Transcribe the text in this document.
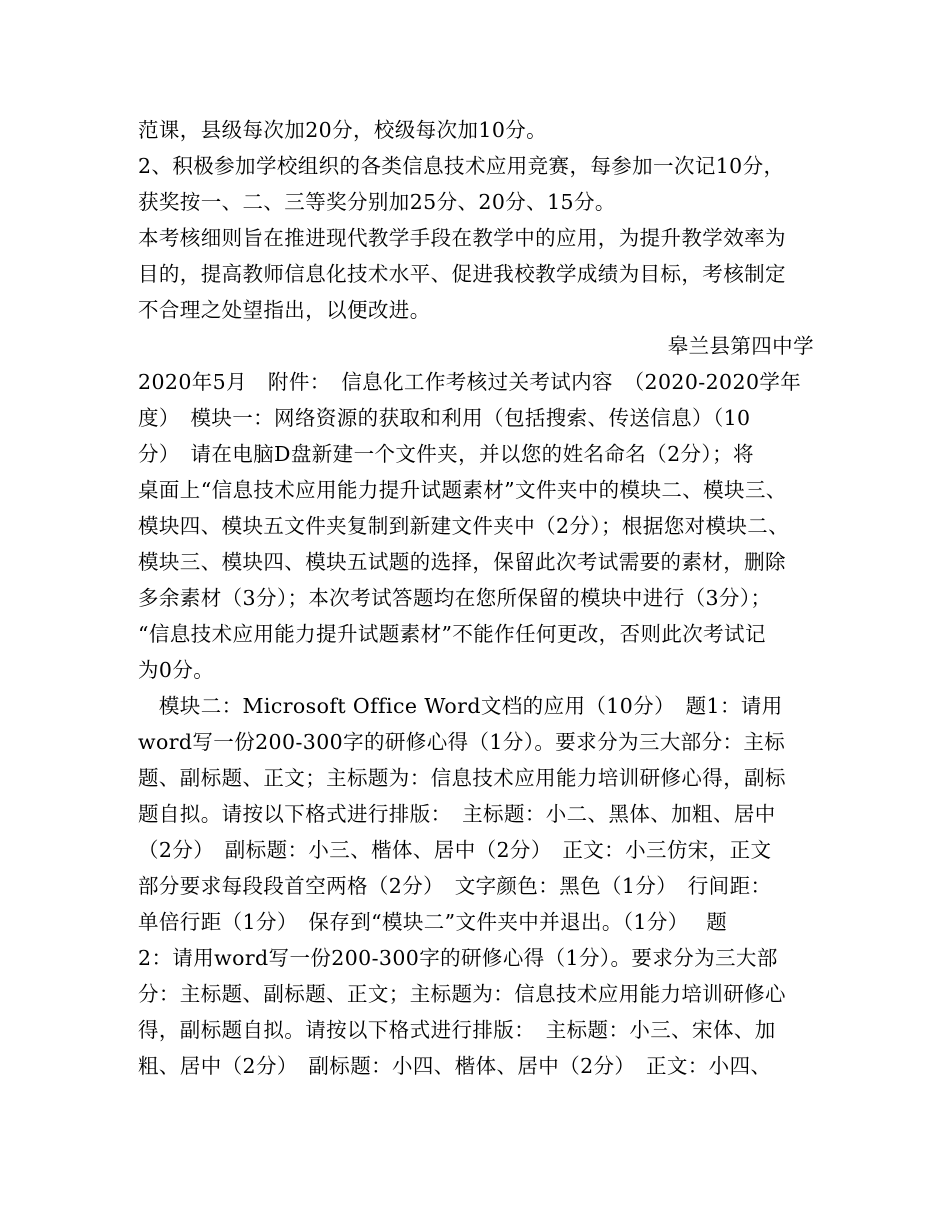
范课，县级每次加20分，校级每次加10分。
2、积极参加学校组织的各类信息技术应用竞赛，每参加一次记10分，
获奖按一、二、三等奖分别加25分、20分、15分。
本考核细则旨在推进现代教学手段在教学中的应用，为提升教学效率为
目的，提高教师信息化技术水平、促进我校教学成绩为目标，考核制定
不合理之处望指出，以便改进。
皋兰县第四中学
2020年5月　附件：　信息化工作考核过关考试内容　（2020-2020学年
度）　模块一：网络资源的获取和利用（包括搜索、传送信息）（10
分）　请在电脑D盘新建一个文件夹，并以您的姓名命名（2分）；将
桌面上“信息技术应用能力提升试题素材”文件夹中的模块二、模块三、
模块四、模块五文件夹复制到新建文件夹中（2分）；根据您对模块二、
模块三、模块四、模块五试题的选择，保留此次考试需要的素材，删除
多余素材（3分）；本次考试答题均在您所保留的模块中进行（3分）；
“信息技术应用能力提升试题素材”不能作任何更改，否则此次考试记
为0分。
　模块二：Microsoft Office Word文档的应用（10分）　题1：请用
word写一份200-300字的研修心得（1分）。要求分为三大部分：主标
题、副标题、正文；主标题为：信息技术应用能力培训研修心得，副标
题自拟。请按以下格式进行排版：　主标题：小二、黑体、加粗、居中
（2分）　副标题：小三、楷体、居中（2分）　正文：小三仿宋，正文
部分要求每段段首空两格（2分）　文字颜色：黑色（1分）　行间距：
单倍行距（1分）　保存到“模块二”文件夹中并退出。（1分）　 题
2：请用word写一份200-300字的研修心得（1分）。要求分为三大部
分：主标题、副标题、正文；主标题为：信息技术应用能力培训研修心
得，副标题自拟。请按以下格式进行排版：　主标题：小三、宋体、加
粗、居中（2分）　副标题：小四、楷体、居中（2分）　正文：小四、
